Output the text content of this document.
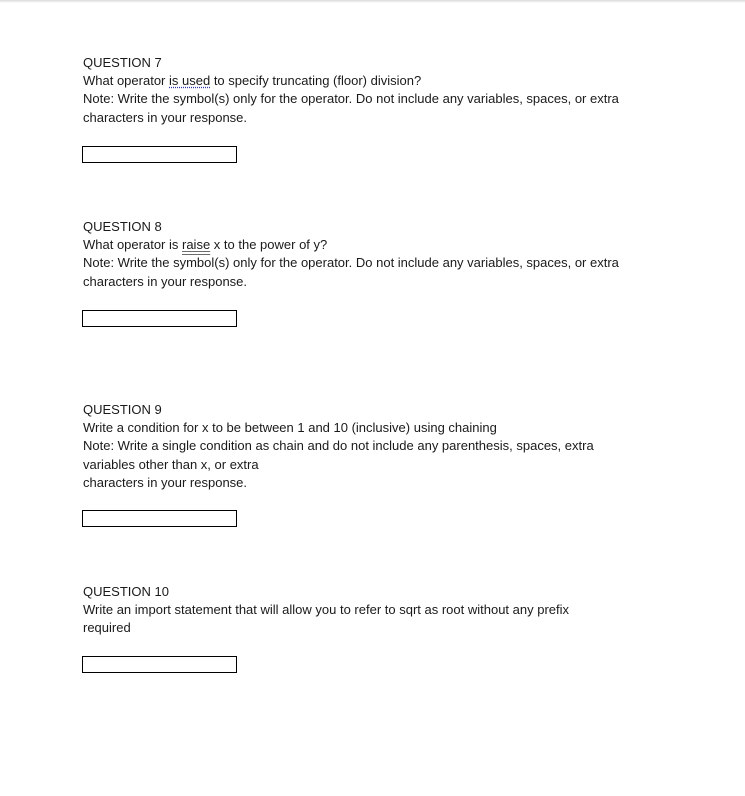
QUESTION 7
What operator is used to specify truncating (floor) division?
Note: Write the symbol(s) only for the operator. Do not include any variables, spaces, or extra
characters in your response.
QUESTION 8
What operator is raise x to the power of y?
Note: Write the symbol(s) only for the operator. Do not include any variables, spaces, or extra
characters in your response.
QUESTION 9
Write a condition for x to be between 1 and 10 (inclusive) using chaining
Note: Write a single condition as chain and do not include any parenthesis, spaces, extra
variables other than x, or extra
characters in your response.
QUESTION 10
Write an import statement that will allow you to refer to sqrt as root without any prefix
required
